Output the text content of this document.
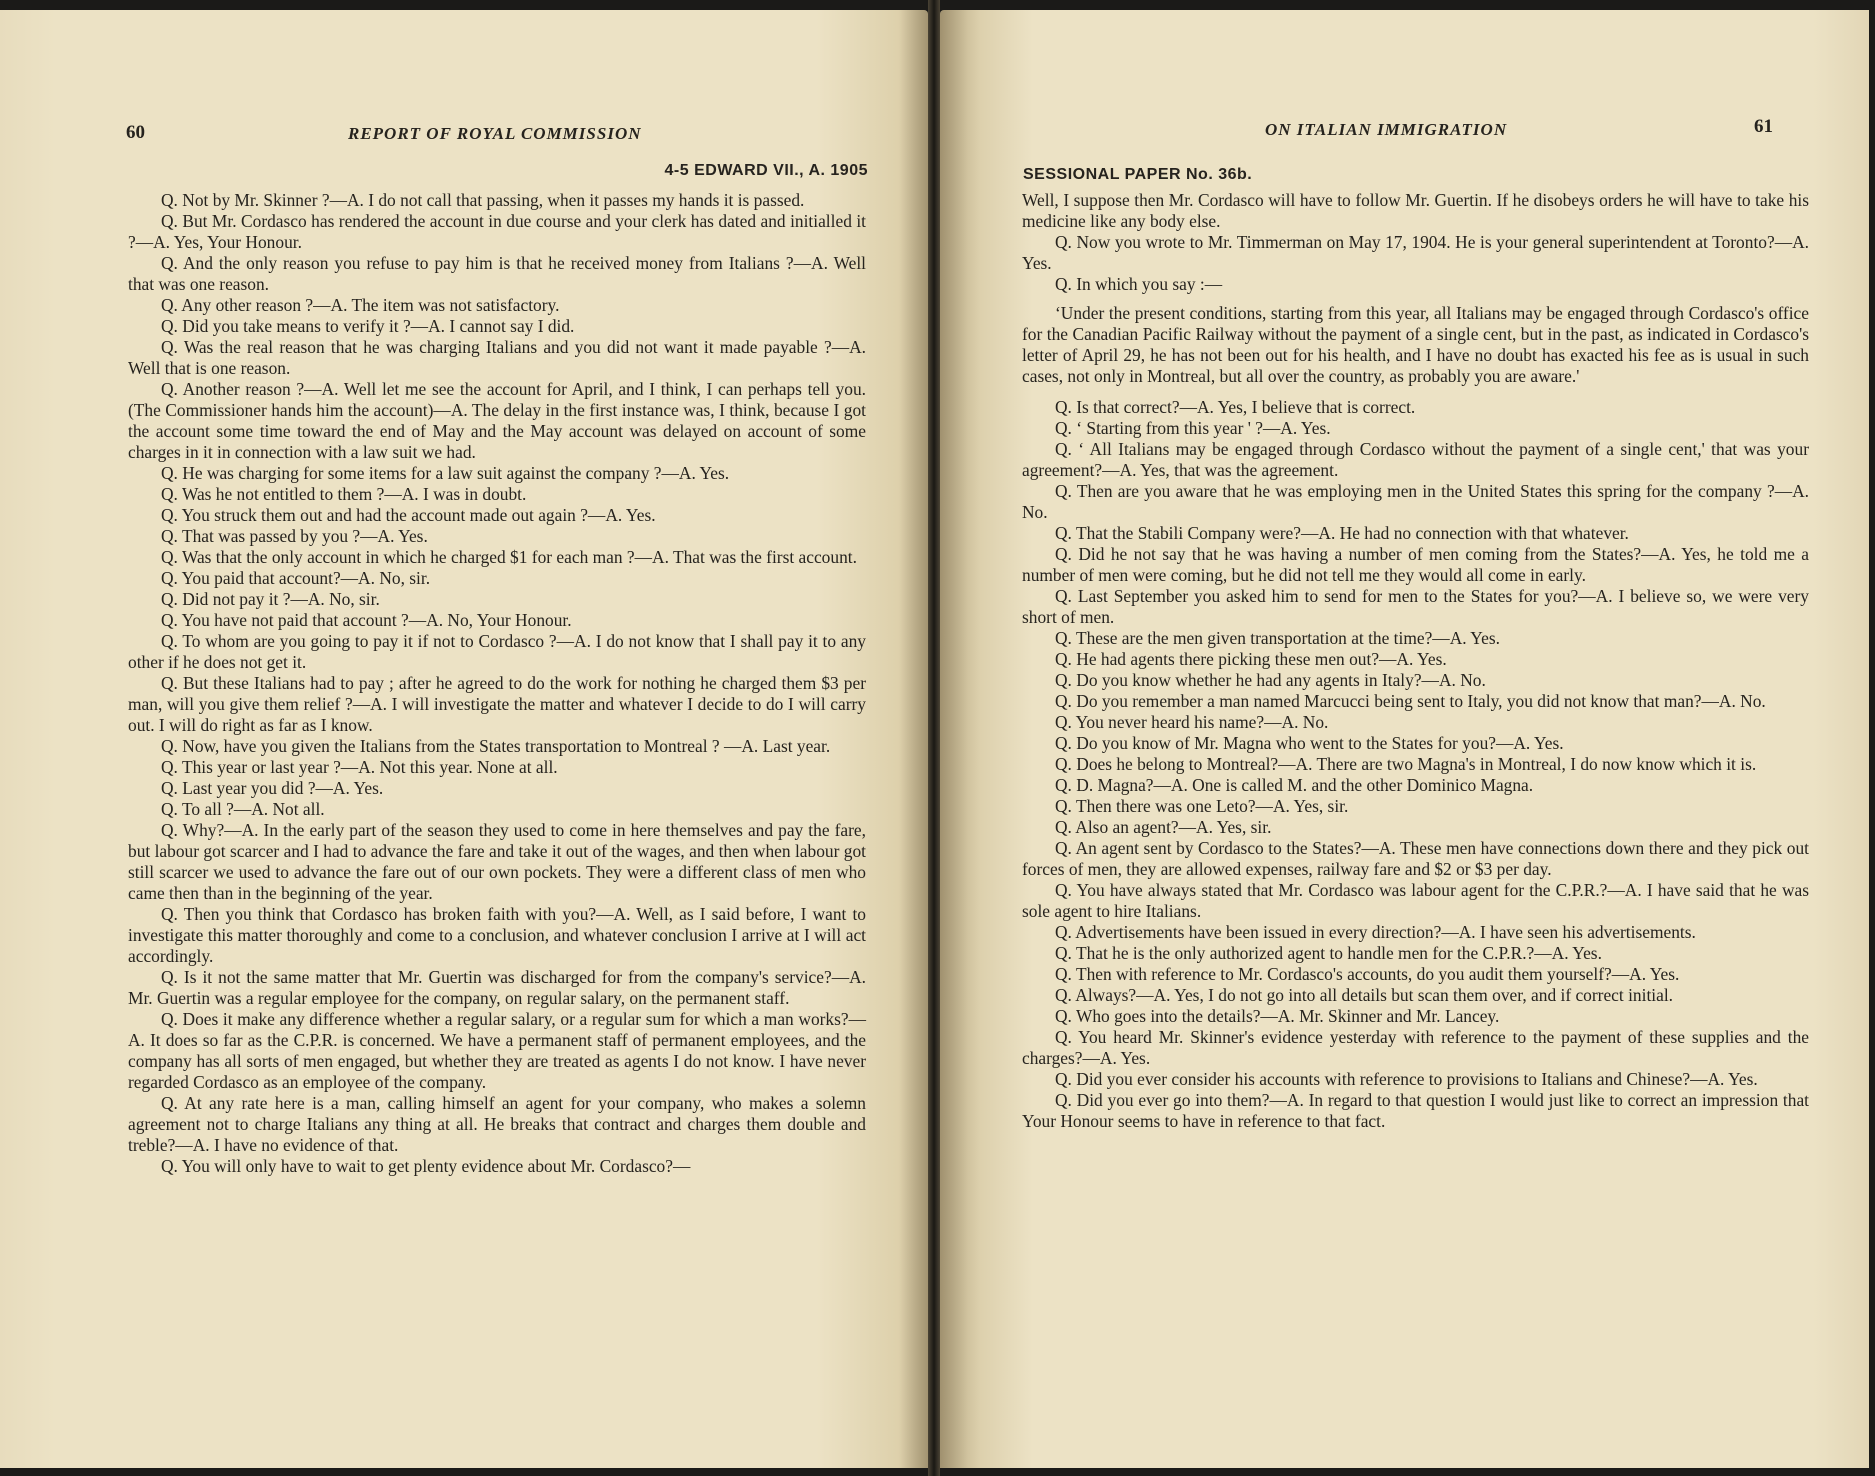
60	REPORT OF ROYAL COMMISSION
4-5 EDWARD VII., A. 1905

Q. Not by Mr. Skinner ?—A. I do not call that passing, when it passes my hands it is passed.

Q. But Mr. Cordasco has rendered the account in due course and your clerk has dated and initialled it ?—A. Yes, Your Honour.

Q. And the only reason you refuse to pay him is that he received money from Italians ?—A. Well that was one reason.

Q. Any other reason ?—A. The item was not satisfactory.

Q. Did you take means to verify it ?—A. I cannot say I did.

Q. Was the real reason that he was charging Italians and you did not want it made payable ?—A. Well that is one reason.

Q. Another reason ?—A. Well let me see the account for April, and I think, I can perhaps tell you. (The Commissioner hands him the account)—A. The delay in the first instance was, I think, because I got the account some time toward the end of May and the May account was delayed on account of some charges in it in connection with a law suit we had.

Q. He was charging for some items for a law suit against the company ?—A. Yes.

Q. Was he not entitled to them ?—A. I was in doubt.

Q. You struck them out and had the account made out again ?—A. Yes.

Q. That was passed by you ?—A. Yes.

Q. Was that the only account in which he charged $1 for each man ?—A. That was the first account.

Q. You paid that account?—A. No, sir.

Q. Did not pay it ?—A. No, sir.

Q. You have not paid that account ?—A. No, Your Honour.

Q. To whom are you going to pay it if not to Cordasco ?—A. I do not know that I shall pay it to any other if he does not get it.

Q. But these Italians had to pay ; after he agreed to do the work for nothing he charged them $3 per man, will you give them relief ?—A. I will investigate the matter and whatever I decide to do I will carry out. I will do right as far as I know.

Q. Now, have you given the Italians from the States transportation to Montreal ? —A. Last year.

Q. This year or last year ?—A. Not this year. None at all.

Q. Last year you did ?—A. Yes.

Q. To all ?—A. Not all.

Q. Why?—A. In the early part of the season they used to come in here themselves and pay the fare, but labour got scarcer and I had to advance the fare and take it out of the wages, and then when labour got still scarcer we used to advance the fare out of our own pockets. They were a different class of men who came then than in the beginning of the year.

Q. Then you think that Cordasco has broken faith with you?—A. Well, as I said before, I want to investigate this matter thoroughly and come to a conclusion, and whatever conclusion I arrive at I will act accordingly.

Q. Is it not the same matter that Mr. Guertin was discharged for from the company's service?—A. Mr. Guertin was a regular employee for the company, on regular salary, on the permanent staff.

Q. Does it make any difference whether a regular salary, or a regular sum for which a man works?—A. It does so far as the C.P.R. is concerned. We have a permanent staff of permanent employees, and the company has all sorts of men engaged, but whether they are treated as agents I do not know. I have never regarded Cordasco as an employee of the company.

Q. At any rate here is a man, calling himself an agent for your company, who makes a solemn agreement not to charge Italians any thing at all. He breaks that contract and charges them double and treble?—A. I have no evidence of that.

Q. You will only have to wait to get plenty evidence about Mr. Cordasco?—

ON ITALIAN IMMIGRATION	61
SESSIONAL PAPER No. 36b.

Well, I suppose then Mr. Cordasco will have to follow Mr. Guertin. If he disobeys orders he will have to take his medicine like any body else.

Q. Now you wrote to Mr. Timmerman on May 17, 1904. He is your general superintendent at Toronto?—A. Yes.

Q. In which you say :—

‘Under the present conditions, starting from this year, all Italians may be engaged through Cordasco's office for the Canadian Pacific Railway without the payment of a single cent, but in the past, as indicated in Cordasco's letter of April 29, he has not been out for his health, and I have no doubt has exacted his fee as is usual in such cases, not only in Montreal, but all over the country, as probably you are aware.'

Q. Is that correct?—A. Yes, I believe that is correct.

Q. ‘ Starting from this year ' ?—A. Yes.

Q. ‘ All Italians may be engaged through Cordasco without the payment of a single cent,' that was your agreement?—A. Yes, that was the agreement.

Q. Then are you aware that he was employing men in the United States this spring for the company ?—A. No.

Q. That the Stabili Company were?—A. He had no connection with that whatever.

Q. Did he not say that he was having a number of men coming from the States?—A. Yes, he told me a number of men were coming, but he did not tell me they would all come in early.

Q. Last September you asked him to send for men to the States for you?—A. I believe so, we were very short of men.

Q. These are the men given transportation at the time?—A. Yes.

Q. He had agents there picking these men out?—A. Yes.

Q. Do you know whether he had any agents in Italy?—A. No.

Q. Do you remember a man named Marcucci being sent to Italy, you did not know that man?—A. No.

Q. You never heard his name?—A. No.

Q. Do you know of Mr. Magna who went to the States for you?—A. Yes.

Q. Does he belong to Montreal?—A. There are two Magna's in Montreal, I do now know which it is.

Q. D. Magna?—A. One is called M. and the other Dominico Magna.

Q. Then there was one Leto?—A. Yes, sir.

Q. Also an agent?—A. Yes, sir.

Q. An agent sent by Cordasco to the States?—A. These men have connections down there and they pick out forces of men, they are allowed expenses, railway fare and $2 or $3 per day.

Q. You have always stated that Mr. Cordasco was labour agent for the C.P.R.?—A. I have said that he was sole agent to hire Italians.

Q. Advertisements have been issued in every direction?—A. I have seen his advertisements.

Q. That he is the only authorized agent to handle men for the C.P.R.?—A. Yes.

Q. Then with reference to Mr. Cordasco's accounts, do you audit them yourself?—A. Yes.

Q. Always?—A. Yes, I do not go into all details but scan them over, and if correct initial.

Q. Who goes into the details?—A. Mr. Skinner and Mr. Lancey.

Q. You heard Mr. Skinner's evidence yesterday with reference to the payment of these supplies and the charges?—A. Yes.

Q. Did you ever consider his accounts with reference to provisions to Italians and Chinese?—A. Yes.

Q. Did you ever go into them?—A. In regard to that question I would just like to correct an impression that Your Honour seems to have in reference to that fact.
